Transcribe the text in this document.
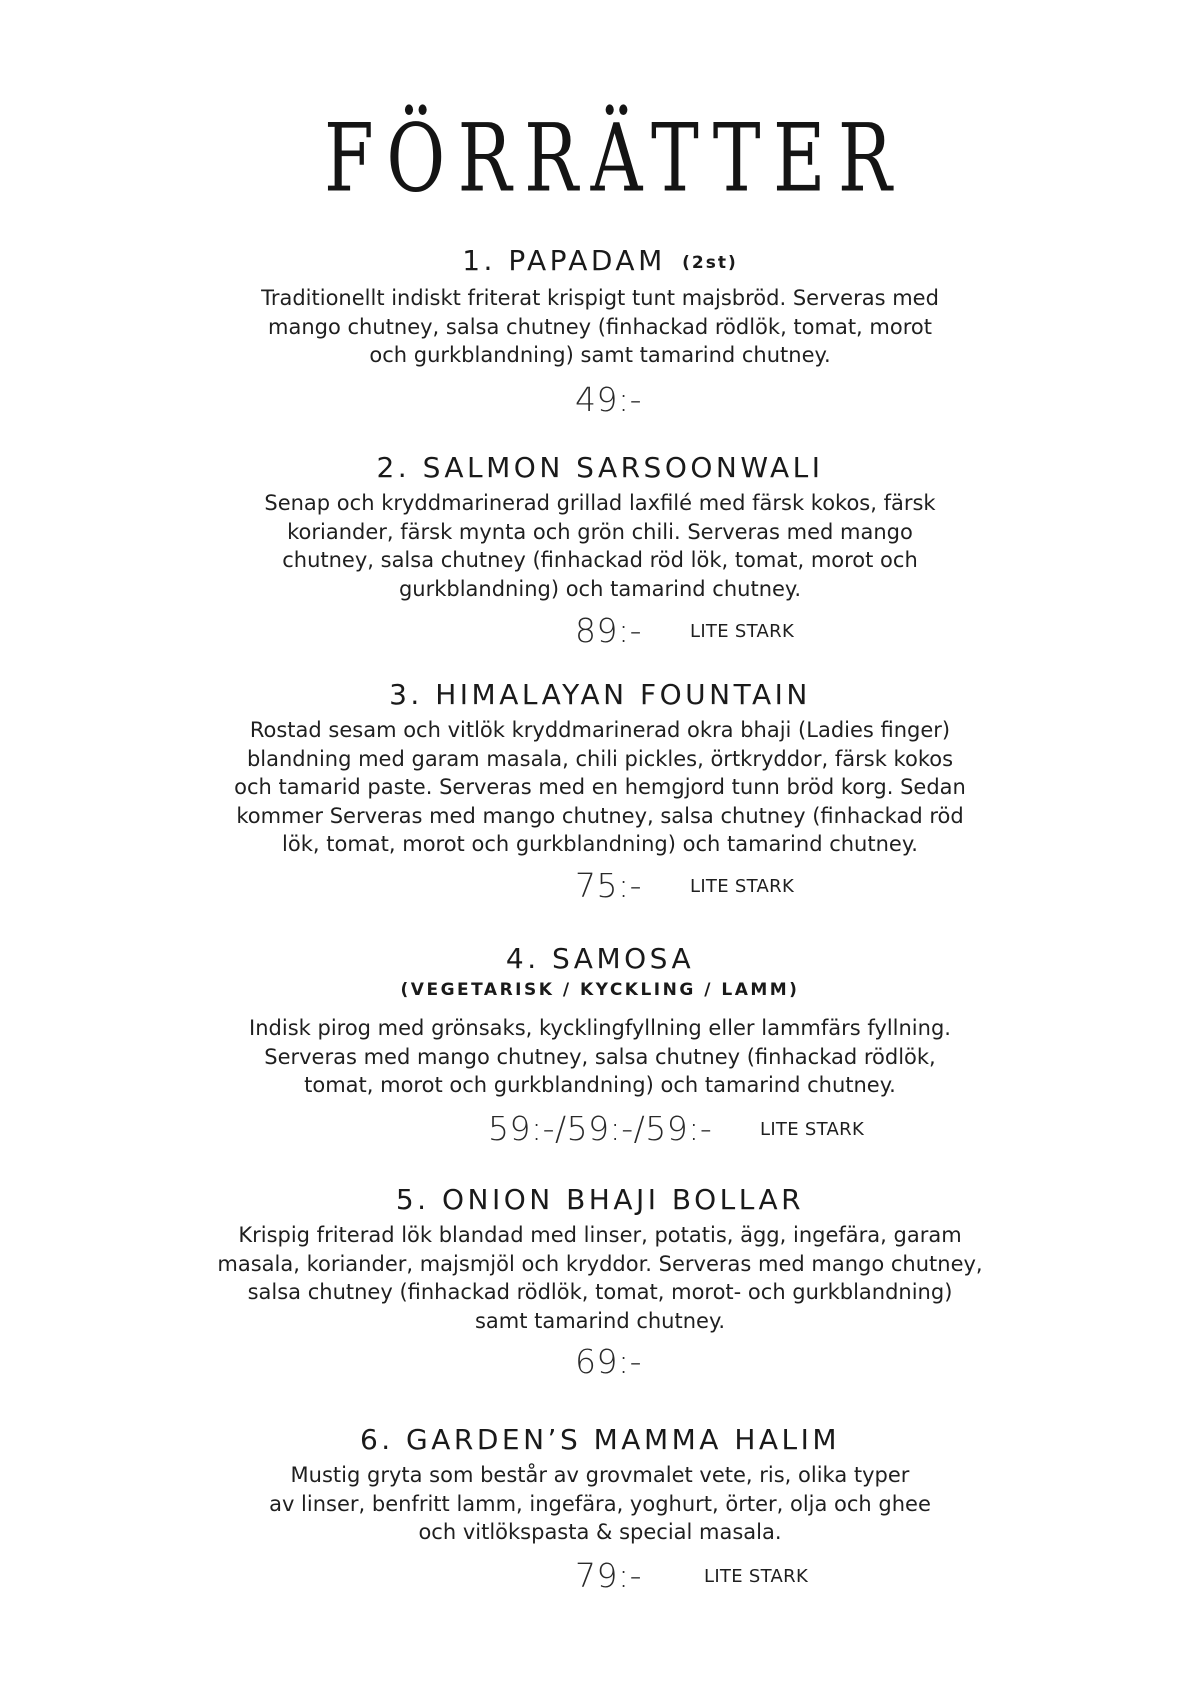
FÖRRÄTTER
1. PAPADAM (2st)
Traditionellt indiskt friterat krispigt tunt majsbröd. Serveras med
mango chutney, salsa chutney (finhackad rödlök, tomat, morot
och gurkblandning) samt tamarind chutney.
49:-
2. SALMON SARSOONWALI
Senap och kryddmarinerad grillad laxfilé med färsk kokos, färsk
koriander, färsk mynta och grön chili. Serveras med mango
chutney, salsa chutney (finhackad röd lök, tomat, morot och
gurkblandning) och tamarind chutney.
89:-	LITE STARK
3. HIMALAYAN FOUNTAIN
Rostad sesam och vitlök kryddmarinerad okra bhaji (Ladies finger)
blandning med garam masala, chili pickles, örtkryddor, färsk kokos
och tamarid paste. Serveras med en hemgjord tunn bröd korg. Sedan
kommer Serveras med mango chutney, salsa chutney (finhackad röd
lök, tomat, morot och gurkblandning) och tamarind chutney.
75:-	LITE STARK
4. SAMOSA
(VEGETARISK / KYCKLING / LAMM)
Indisk pirog med grönsaks, kycklingfyllning eller lammfärs fyllning.
Serveras med mango chutney, salsa chutney (finhackad rödlök,
tomat, morot och gurkblandning) och tamarind chutney.
59:-/59:-/59:-	LITE STARK
5. ONION BHAJI BOLLAR
Krispig friterad lök blandad med linser, potatis, ägg, ingefära, garam
masala, koriander, majsmjöl och kryddor. Serveras med mango chutney,
salsa chutney (finhackad rödlök, tomat, morot- och gurkblandning)
samt tamarind chutney.
69:-
6. GARDEN’S MAMMA HALIM
Mustig gryta som består av grovmalet vete, ris, olika typer
av linser, benfritt lamm, ingefära, yoghurt, örter, olja och ghee
och vitlökspasta & special masala.
79:-	LITE STARK
